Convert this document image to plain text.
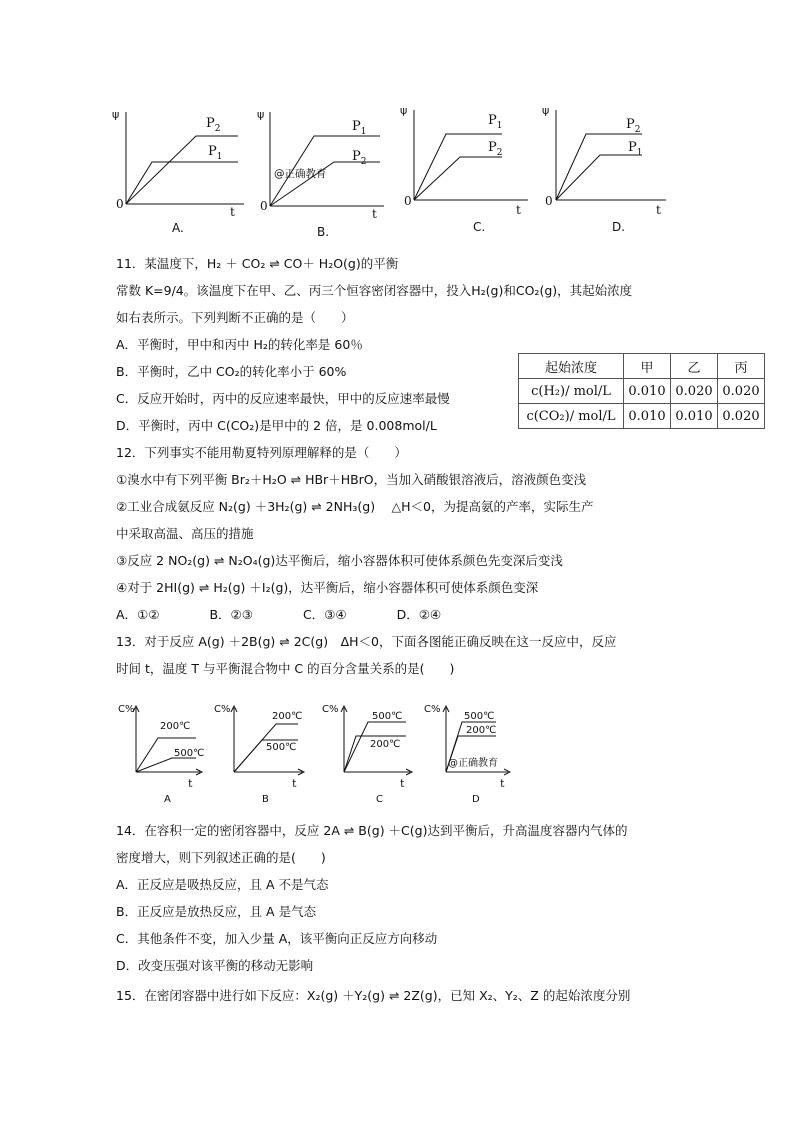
ψ
0
t
$P_2$
$P_1$
A.
ψ
0
t
$P_1$
$P_2$
@正确教育
B.
ψ
0
t
$P_1$
$P_2$
C.
ψ
0
t
$P_2$
$P_1$
D.
11．某温度下，H₂ ＋ CO₂ ⇌ CO＋ H₂O(g)的平衡
常数 K=9/4。该温度下在甲、乙、丙三个恒容密闭容器中，投入H₂(g)和CO₂(g)，其起始浓度
如右表所示。下列判断不正确的是（　　）
A．平衡时，甲中和丙中 H₂的转化率是 60％
B．平衡时，乙中 CO₂的转化率小于 60%
C．反应开始时，丙中的反应速率最快，甲中的反应速率最慢
D．平衡时，丙中 C(CO₂)是甲中的 2 倍，是 0.008mol/L
起始浓度	甲	乙	丙
c(H₂)/ mol/L	0.010	0.020	0.020
c(CO₂)/ mol/L	0.010	0.010	0.020
12．下列事实不能用勒夏特列原理解释的是（　　）
①溴水中有下列平衡 Br₂＋H₂O ⇌ HBr＋HBrO，当加入硝酸银溶液后，溶液颜色变浅
②工业合成氨反应 N₂(g) ＋3H₂(g) ⇌ 2NH₃(g)　 △H＜0，为提高氨的产率，实际生产
中采取高温、高压的措施
③反应 2 NO₂(g) ⇌ N₂O₄(g)达平衡后，缩小容器体积可使体系颜色先变深后变浅
④对于 2HI(g) ⇌ H₂(g) ＋I₂(g)，达平衡后，缩小容器体积可使体系颜色变深
A．①②　　　　B．②③　　　　C．③④　　　　D．②④
13．对于反应 A(g) ＋2B(g) ⇌ 2C(g)　ΔH＜0，下面各图能正确反映在这一反应中，反应
时间 t，温度 T 与平衡混合物中 C 的百分含量关系的是(　　)
C%
t
200℃
500℃
A
C%
t
200℃
500℃
B
C%
t
500℃
200℃
C
C%
t
500℃
200℃
@正确教育
D
14．在容积一定的密闭容器中，反应 2A ⇌ B(g) ＋C(g)达到平衡后，升高温度容器内气体的
密度增大，则下列叙述正确的是(　　)
A．正反应是吸热反应，且 A 不是气态
B．正反应是放热反应，且 A 是气态
C．其他条件不变，加入少量 A，该平衡向正反应方向移动
D．改变压强对该平衡的移动无影响
15．在密闭容器中进行如下反应：X₂(g) ＋Y₂(g) ⇌ 2Z(g)，已知 X₂、Y₂、Z 的起始浓度分别
